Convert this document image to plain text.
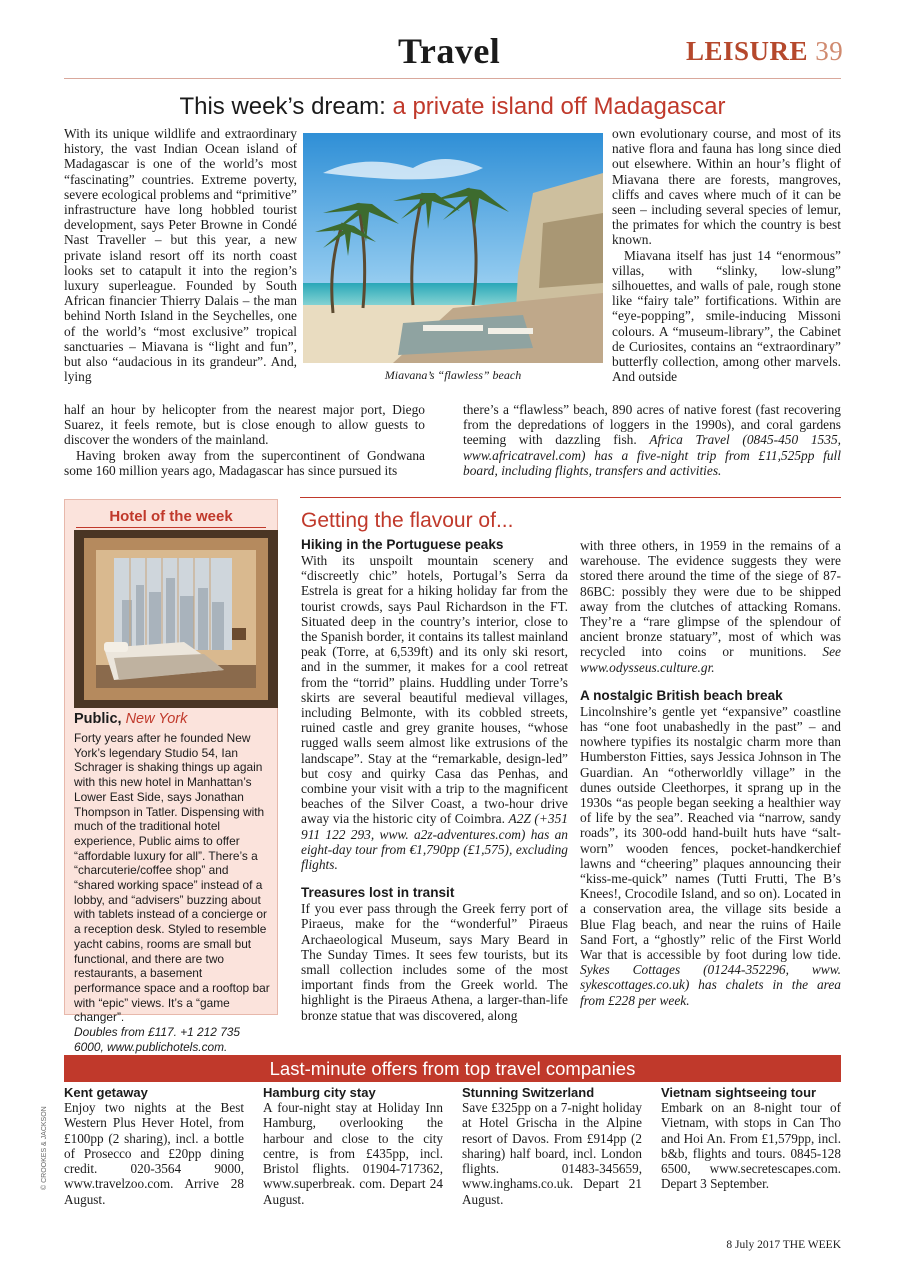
Travel	LEISURE 39
This week’s dream: a private island off Madagascar
With its unique wildlife and extraordinary history, the vast Indian Ocean island of Madagascar is one of the world’s most “fascinating” countries. Extreme poverty, severe ecological problems and “primitive” infrastructure have long hobbled tourist development, says Peter Browne in Condé Nast Traveller – but this year, a new private island resort off its north coast looks set to catapult it into the region’s luxury superleague. Founded by South African financier Thierry Dalais – the man behind North Island in the Seychelles, one of the world’s “most exclusive” tropical sanctuaries – Miavana is “light and fun”, but also “audacious in its grandeur”. And, lying

half an hour by helicopter from the nearest major port, Diego Suarez, it feels remote, but is close enough to allow guests to discover the wonders of the mainland.

Having broken away from the supercontinent of Gondwana some 160 million years ago, Madagascar has since pursued its

Miavana’s “flawless” beach

own evolutionary course, and most of its native flora and fauna has long since died out elsewhere. Within an hour’s flight of Miavana there are forests, mangroves, cliffs and caves where much of it can be seen – including several species of lemur, the primates for which the country is best known.

Miavana itself has just 14 “enormous” villas, with “slinky, low-slung” silhouettes, and walls of pale, rough stone like “fairy tale” fortifications. Within are “eye-popping”, smile-inducing Missoni colours. A “museum-library”, the Cabinet de Curiosites, contains an “extraordinary” butterfly collection, among other marvels. And outside

there’s a “flawless” beach, 890 acres of native forest (fast recovering from the depredations of loggers in the 1990s), and coral gardens teeming with dazzling fish. Africa Travel (0845-450 1535, www.africatravel.com) has a five-night trip from £11,525pp full board, including flights, transfers and activities.
Hotel of the week
Public, New York

Forty years after he founded New York’s legendary Studio 54, Ian Schrager is shaking things up again with this new hotel in Manhattan’s Lower East Side, says Jonathan Thompson in Tatler. Dispensing with much of the traditional hotel experience, Public aims to offer “affordable luxury for all”. There’s a “charcuterie/coffee shop” and “shared working space” instead of a lobby, and “advisers” buzzing about with tablets instead of a concierge or a reception desk. Styled to resemble yacht cabins, rooms are small but functional, and there are two restaurants, a basement performance space and a rooftop bar with “epic” views. It’s a “game changer”.

Doubles from £117. +1 212 735 6000, www.publichotels.com.

Getting the flavour of...
Hiking in the Portuguese peaks

With its unspoilt mountain scenery and “discreetly chic” hotels, Portugal’s Serra da Estrela is great for a hiking holiday far from the tourist crowds, says Paul Richardson in the FT. Situated deep in the country’s interior, close to the Spanish border, it contains its tallest mainland peak (Torre, at 6,539ft) and its only ski resort, and in the summer, it makes for a cool retreat from the “torrid” plains. Huddling under Torre’s skirts are several beautiful medieval villages, including Belmonte, with its cobbled streets, ruined castle and grey granite houses, “whose rugged walls seem almost like extrusions of the landscape”. Stay at the “remarkable, design-led” but cosy and quirky Casa das Penhas, and combine your visit with a trip to the magnificent beaches of the Silver Coast, a two-hour drive away via the historic city of Coimbra. A2Z (+351 911 122 293, www. a2z-adventures.com) has an eight-day tour from €1,790pp (£1,575), excluding flights.

Treasures lost in transit

If you ever pass through the Greek ferry port of Piraeus, make for the “wonderful” Piraeus Archaeological Museum, says Mary Beard in The Sunday Times. It sees few tourists, but its small collection includes some of the most important finds from the Greek world. The highlight is the Piraeus Athena, a larger-than-life bronze statue that was discovered, along

with three others, in 1959 in the remains of a warehouse. The evidence suggests they were stored there around the time of the siege of 87-86BC: possibly they were due to be shipped away from the clutches of attacking Romans. They’re a “rare glimpse of the splendour of ancient bronze statuary”, most of which was recycled into coins or munitions. See www.odysseus.culture.gr.

A nostalgic British beach break

Lincolnshire’s gentle yet “expansive” coastline has “one foot unabashedly in the past” – and nowhere typifies its nostalgic charm more than Humberston Fitties, says Jessica Johnson in The Guardian. An “otherworldly village” in the dunes outside Cleethorpes, it sprang up in the 1930s “as people began seeking a healthier way of life by the sea”. Reached via “narrow, sandy roads”, its 300-odd hand-built huts have “salt-worn” wooden fences, pocket-handkerchief lawns and “cheering” plaques announcing their “kiss-me-quick” names (Tutti Frutti, The B’s Knees!, Crocodile Island, and so on). Located in a conservation area, the village sits beside a Blue Flag beach, and near the ruins of Haile Sand Fort, a “ghostly” relic of the First World War that is accessible by foot during low tide. Sykes Cottages (01244-352296, www. sykescottages.co.uk) has chalets in the area from £228 per week.

Last-minute offers from top travel companies
Kent getaway
Enjoy two nights at the Best Western Plus Hever Hotel, from £100pp (2 sharing), incl. a bottle of Prosecco and £20pp dining credit. 020-3564 9000, www.travelzoo.com. Arrive 28 August.
Hamburg city stay
A four-night stay at Holiday Inn Hamburg, overlooking the harbour and close to the city centre, is from £435pp, incl. Bristol flights. 01904-717362, www.superbreak. com. Depart 24 August.
Stunning Switzerland
Save £325pp on a 7-night holiday at Hotel Grischa in the Alpine resort of Davos. From £914pp (2 sharing) half board, incl. London flights. 01483-345659, www.inghams.co.uk. Depart 21 August.
Vietnam sightseeing tour
Embark on an 8-night tour of Vietnam, with stops in Can Tho and Hoi An. From £1,579pp, incl. b&b, flights and tours. 0845-128 6500, www.secretescapes.com. Depart 3 September.
© CROOKES & JACKSON
8 July 2017 THE WEEK
